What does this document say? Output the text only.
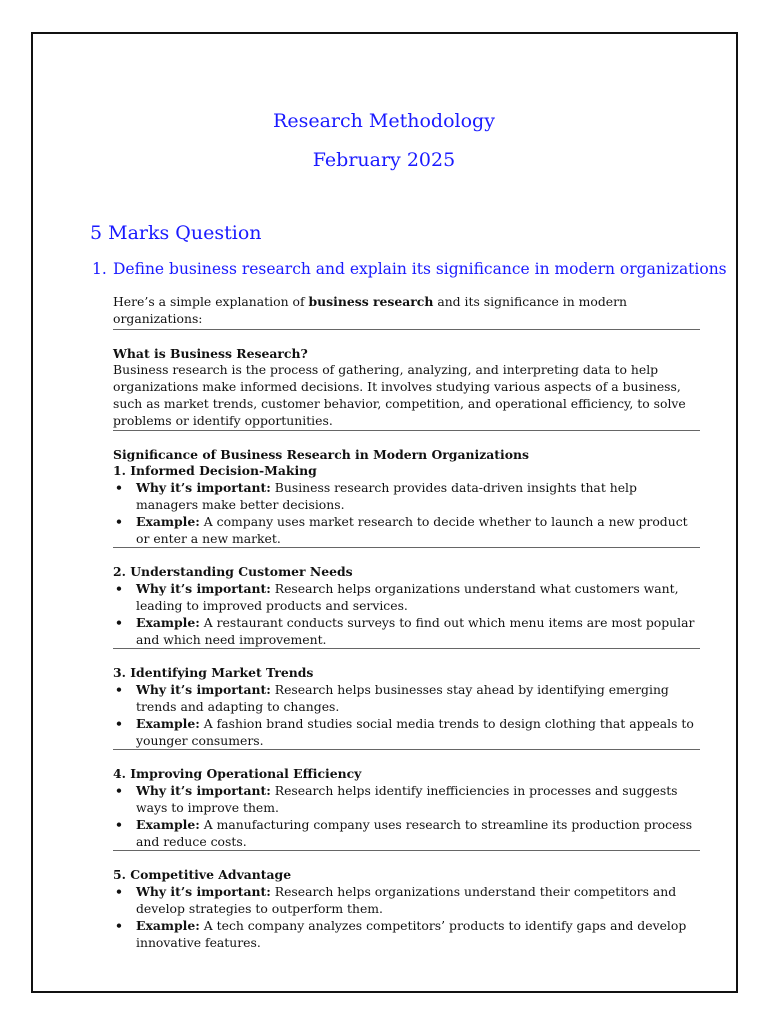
Research Methodology
February 2025
5 Marks Question
1. Define business research and explain its significance in modern organizations

Here’s a simple explanation of business research and its significance in modern organizations:

What is Business Research?

Business research is the process of gathering, analyzing, and interpreting data to help organizations make informed decisions. It involves studying various aspects of a business, such as market trends, customer behavior, competition, and operational efficiency, to solve problems or identify opportunities.

Significance of Business Research in Modern Organizations

1. Informed Decision-Making

• Why it’s important: Business research provides data-driven insights that help managers make better decisions.
• Example: A company uses market research to decide whether to launch a new product or enter a new market.

2. Understanding Customer Needs

• Why it’s important: Research helps organizations understand what customers want, leading to improved products and services.
• Example: A restaurant conducts surveys to find out which menu items are most popular and which need improvement.

3. Identifying Market Trends

• Why it’s important: Research helps businesses stay ahead by identifying emerging trends and adapting to changes.
• Example: A fashion brand studies social media trends to design clothing that appeals to younger consumers.

4. Improving Operational Efficiency

• Why it’s important: Research helps identify inefficiencies in processes and suggests ways to improve them.
• Example: A manufacturing company uses research to streamline its production process and reduce costs.

5. Competitive Advantage

• Why it’s important: Research helps organizations understand their competitors and develop strategies to outperform them.
• Example: A tech company analyzes competitors’ products to identify gaps and develop innovative features.
